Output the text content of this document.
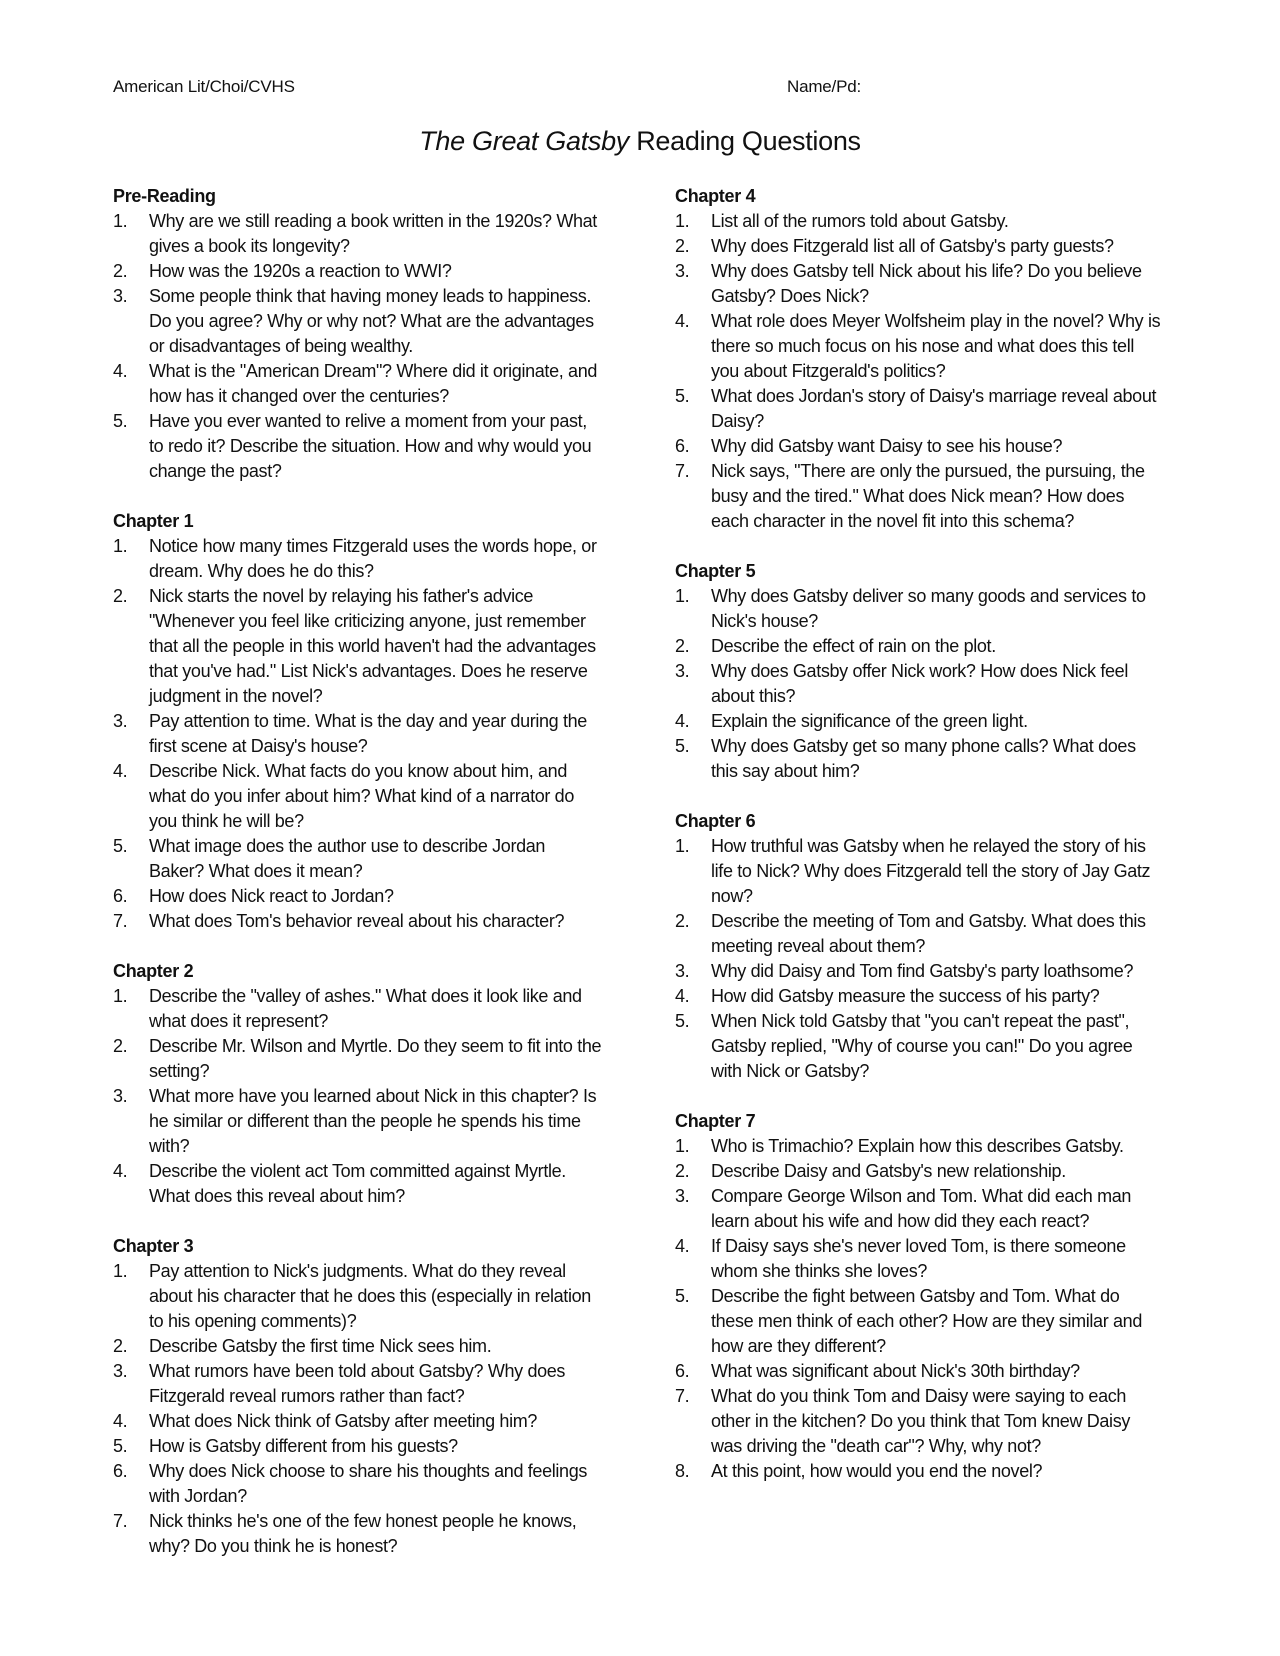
American Lit/Choi/CVHS	Name/Pd:
The Great Gatsby Reading Questions
Pre-Reading
1. Why are we still reading a book written in the 1920s? What gives a book its longevity?
2. How was the 1920s a reaction to WWI?
3. Some people think that having money leads to happiness. Do you agree? Why or why not? What are the advantages or disadvantages of being wealthy.
4. What is the "American Dream"? Where did it originate, and how has it changed over the centuries?
5. Have you ever wanted to relive a moment from your past, to redo it? Describe the situation. How and why would you change the past?
Chapter 1
1. Notice how many times Fitzgerald uses the words hope, or dream. Why does he do this?
2. Nick starts the novel by relaying his father's advice "Whenever you feel like criticizing anyone, just remember that all the people in this world haven't had the advantages that you've had." List Nick's advantages. Does he reserve judgment in the novel?
3. Pay attention to time. What is the day and year during the first scene at Daisy's house?
4. Describe Nick. What facts do you know about him, and what do you infer about him? What kind of a narrator do you think he will be?
5. What image does the author use to describe Jordan Baker? What does it mean?
6. How does Nick react to Jordan?
7. What does Tom's behavior reveal about his character?
Chapter 2
1. Describe the "valley of ashes." What does it look like and what does it represent?
2. Describe Mr. Wilson and Myrtle. Do they seem to fit into the setting?
3. What more have you learned about Nick in this chapter? Is he similar or different than the people he spends his time with?
4. Describe the violent act Tom committed against Myrtle. What does this reveal about him?
Chapter 3
1. Pay attention to Nick's judgments. What do they reveal about his character that he does this (especially in relation to his opening comments)?
2. Describe Gatsby the first time Nick sees him.
3. What rumors have been told about Gatsby? Why does Fitzgerald reveal rumors rather than fact?
4. What does Nick think of Gatsby after meeting him?
5. How is Gatsby different from his guests?
6. Why does Nick choose to share his thoughts and feelings with Jordan?
7. Nick thinks he's one of the few honest people he knows, why? Do you think he is honest?
Chapter 4
1. List all of the rumors told about Gatsby.
2. Why does Fitzgerald list all of Gatsby's party guests?
3. Why does Gatsby tell Nick about his life? Do you believe Gatsby? Does Nick?
4. What role does Meyer Wolfsheim play in the novel? Why is there so much focus on his nose and what does this tell you about Fitzgerald's politics?
5. What does Jordan's story of Daisy's marriage reveal about Daisy?
6. Why did Gatsby want Daisy to see his house?
7. Nick says, "There are only the pursued, the pursuing, the busy and the tired." What does Nick mean? How does each character in the novel fit into this schema?
Chapter 5
1. Why does Gatsby deliver so many goods and services to Nick's house?
2. Describe the effect of rain on the plot.
3. Why does Gatsby offer Nick work? How does Nick feel about this?
4. Explain the significance of the green light.
5. Why does Gatsby get so many phone calls? What does this say about him?
Chapter 6
1. How truthful was Gatsby when he relayed the story of his life to Nick? Why does Fitzgerald tell the story of Jay Gatz now?
2. Describe the meeting of Tom and Gatsby. What does this meeting reveal about them?
3. Why did Daisy and Tom find Gatsby's party loathsome?
4. How did Gatsby measure the success of his party?
5. When Nick told Gatsby that "you can't repeat the past", Gatsby replied, "Why of course you can!" Do you agree with Nick or Gatsby?
Chapter 7
1. Who is Trimachio? Explain how this describes Gatsby.
2. Describe Daisy and Gatsby's new relationship.
3. Compare George Wilson and Tom. What did each man learn about his wife and how did they each react?
4. If Daisy says she's never loved Tom, is there someone whom she thinks she loves?
5. Describe the fight between Gatsby and Tom. What do these men think of each other? How are they similar and how are they different?
6. What was significant about Nick's 30th birthday?
7. What do you think Tom and Daisy were saying to each other in the kitchen? Do you think that Tom knew Daisy was driving the "death car"? Why, why not?
8. At this point, how would you end the novel?
